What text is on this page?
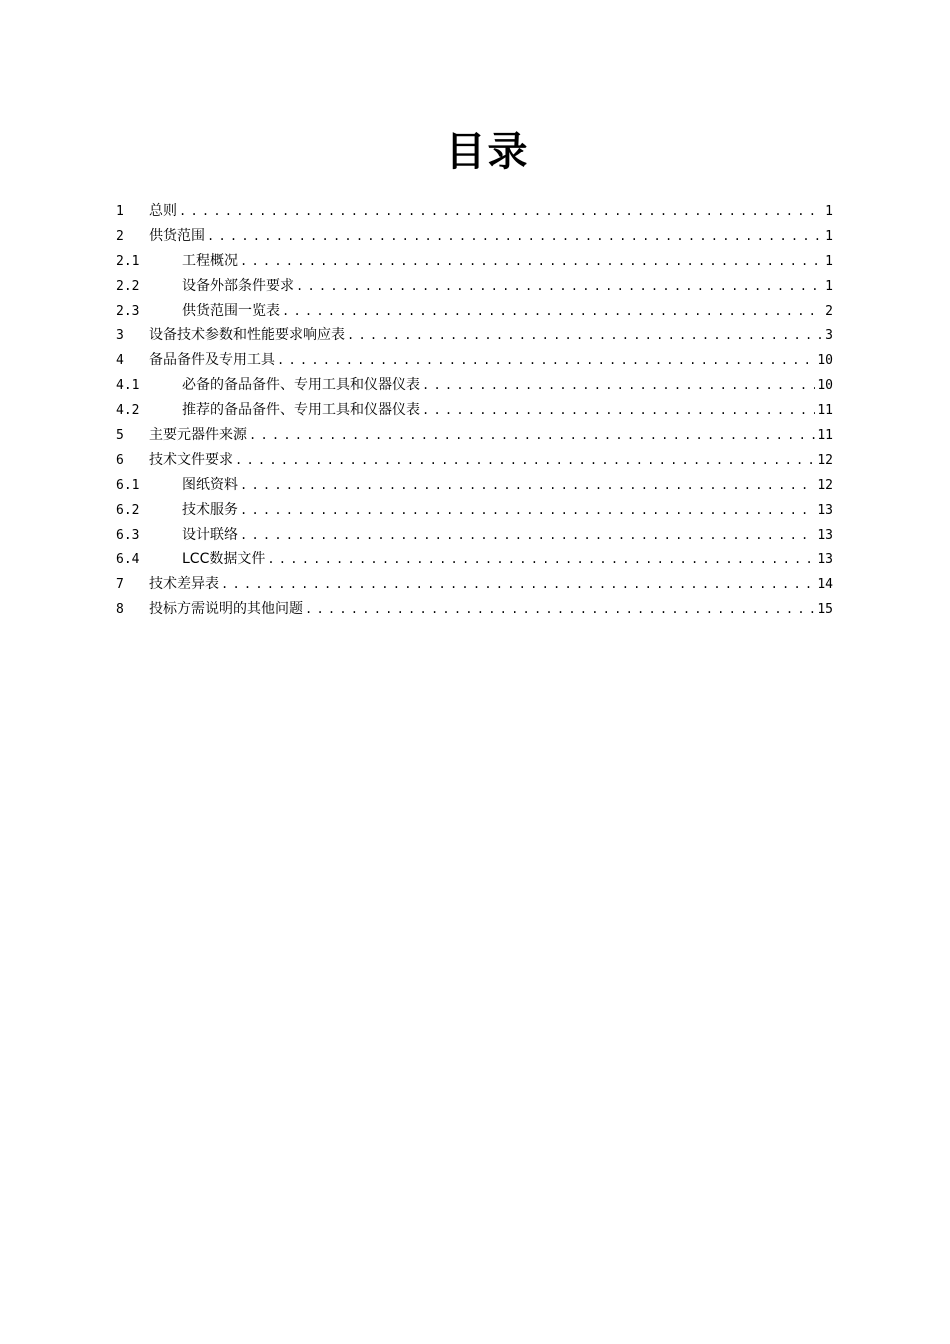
目录
1	总则 . . .	1
2	供货范围 . . .	1
2.1	工程概况 . . .	1
2.2	设备外部条件要求 . . .	1
2.3	供货范围一览表 . . .	2
3	设备技术参数和性能要求响应表 . . .	3
4	备品备件及专用工具 . . .	10
4.1	必备的备品备件、专用工具和仪器仪表 . . .	10
4.2	推荐的备品备件、专用工具和仪器仪表 . . .	11
5	主要元器件来源 . . .	11
6	技术文件要求 . . .	12
6.1	图纸资料 . . .	12
6.2	技术服务 . . .	13
6.3	设计联络 . . .	13
6.4	LCC数据文件 . . .	13
7	技术差异表 . . .	14
8	投标方需说明的其他问题 . . .	15
